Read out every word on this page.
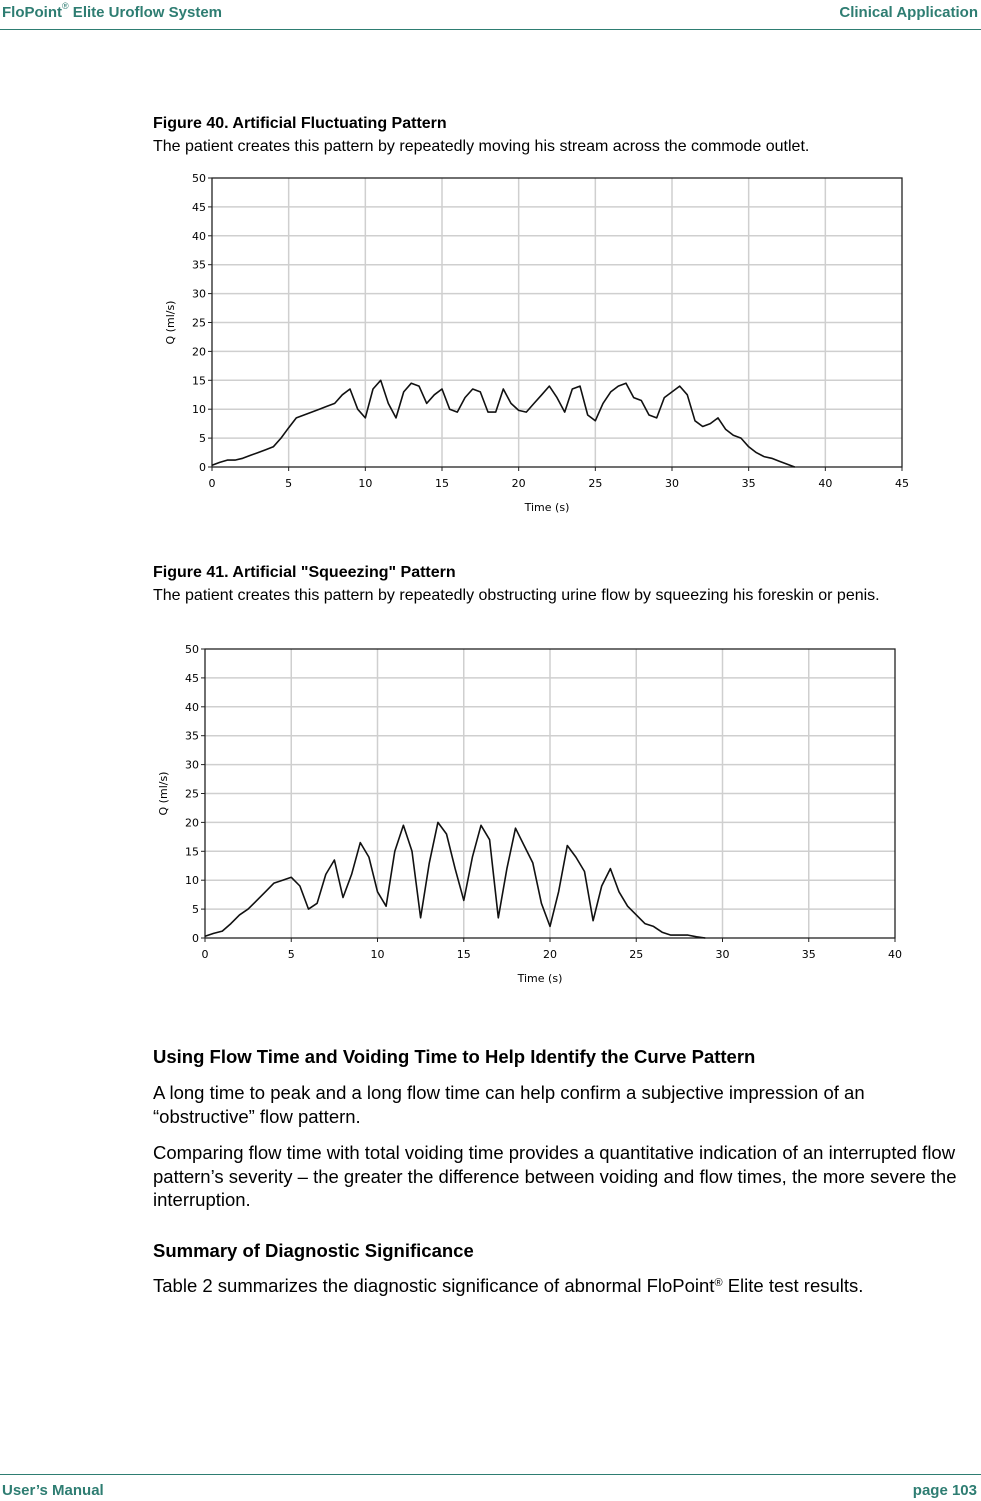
FloPoint® Elite Uroflow System	Clinical Application
Figure 40. Artificial Fluctuating Pattern
The patient creates this pattern by repeatedly moving his stream across the commode outlet.
0
5
10
15
20
25
30
35
40
45
50
0	5	10	15	20	25	30	35	40	45
Time (s)
Q (ml/s)
Figure 41. Artificial "Squeezing" Pattern
The patient creates this pattern by repeatedly obstructing urine flow by squeezing his foreskin or penis.
0
5
10
15
20
25
30
35
40
45
50
0	5	10	15	20	25	30	35	40
Time (s)
Q (ml/s)
Using Flow Time and Voiding Time to Help Identify the Curve Pattern
A long time to peak and a long flow time can help confirm a subjective impression of an “obstructive” flow pattern.
Comparing flow time with total voiding time provides a quantitative indication of an interrupted flow pattern’s severity – the greater the difference between voiding and flow times, the more severe the interruption.
Summary of Diagnostic Significance
Table 2 summarizes the diagnostic significance of abnormal FloPoint® Elite test results.
User’s Manual	page 103
